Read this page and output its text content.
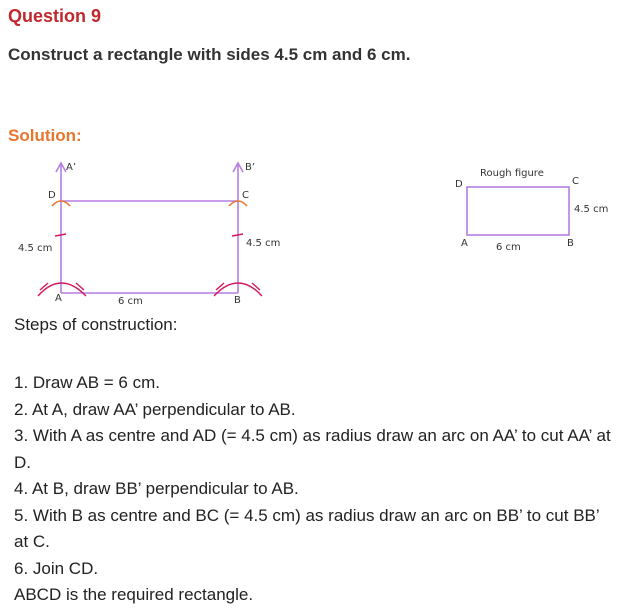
Question 9
Construct a rectangle with sides 4.5 cm and 6 cm.
Solution:
A’	B’
D	C
4.5 cm	4.5 cm
A	B
6 cm
Rough figure
D	C
4.5 cm
A	B
6 cm
Steps of construction:
1. Draw AB = 6 cm.
2. At A, draw AA’ perpendicular to AB.
3. With A as centre and AD (= 4.5 cm) as radius draw an arc on AA’ to cut AA’ at D.
4. At B, draw BB’ perpendicular to AB.
5. With B as centre and BC (= 4.5 cm) as radius draw an arc on BB’ to cut BB’ at C.
6. Join CD.
ABCD is the required rectangle.
